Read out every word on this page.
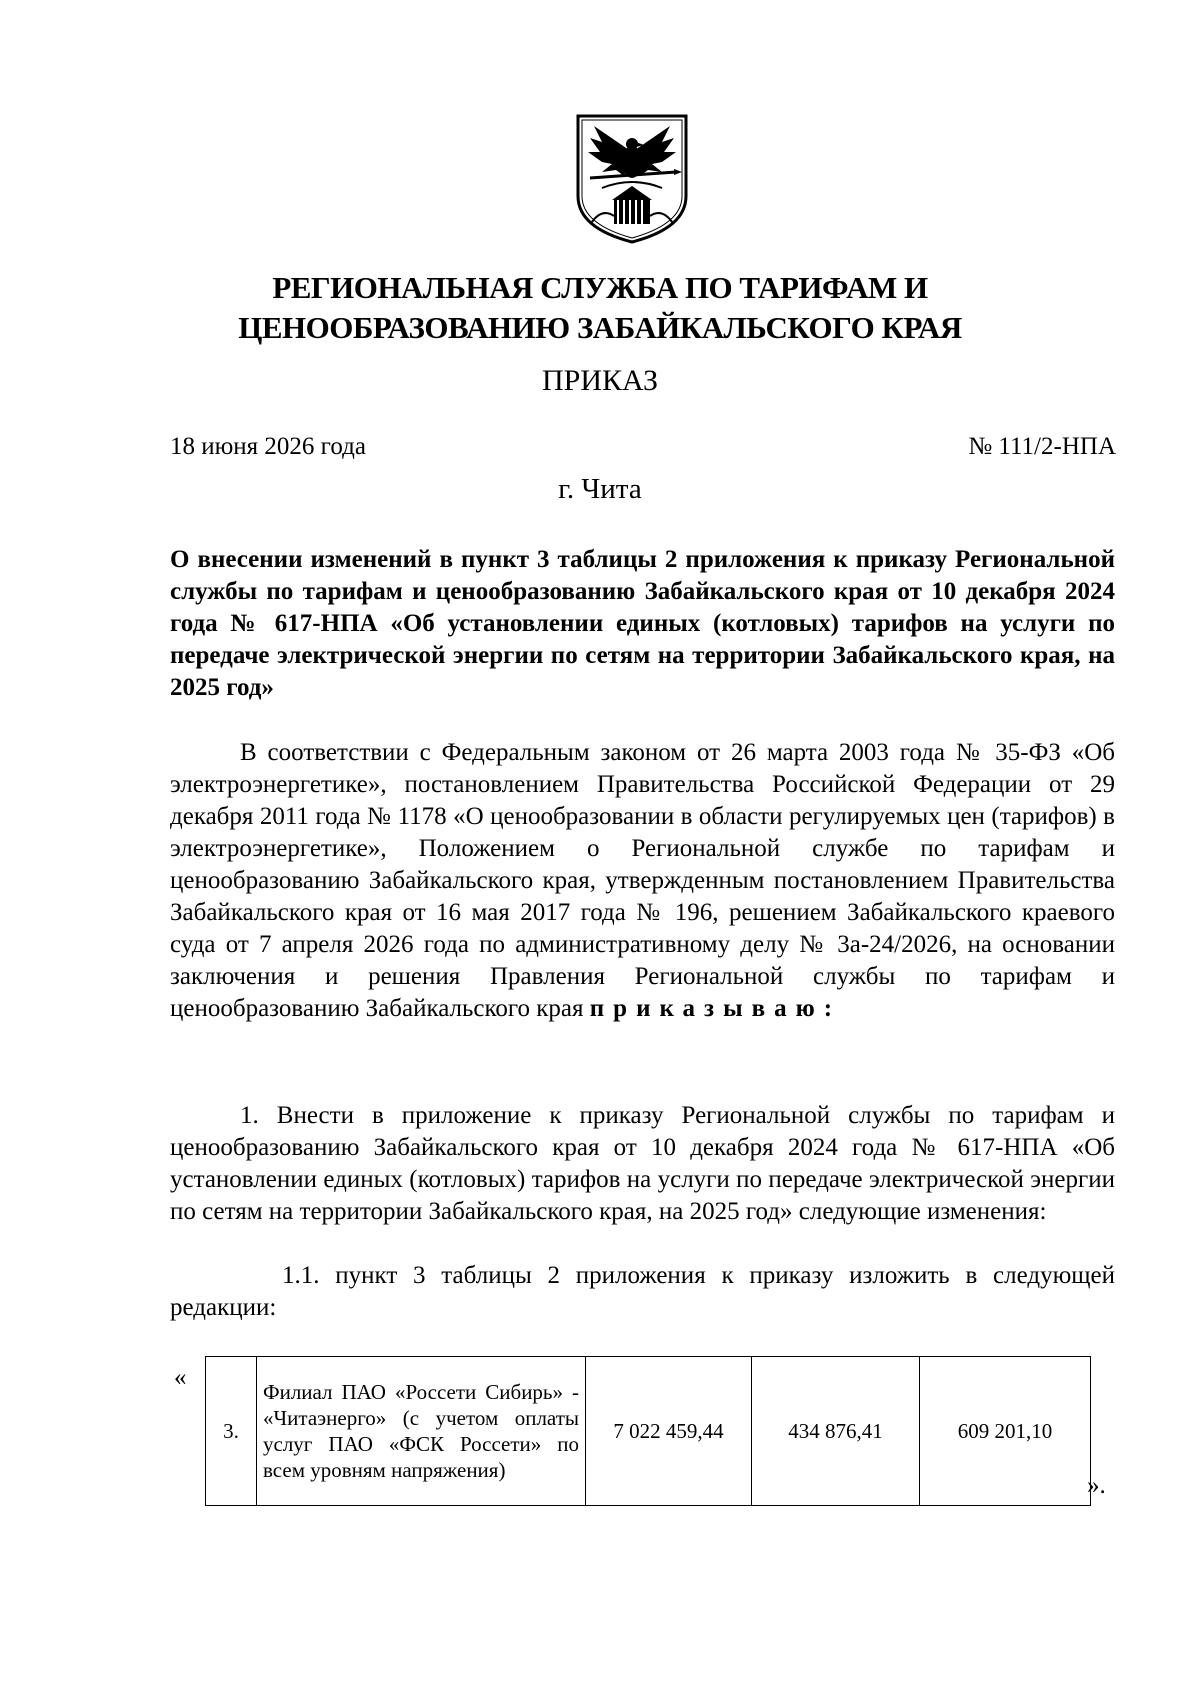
РЕГИОНАЛЬНАЯ СЛУЖБА ПО ТАРИФАМ И
ЦЕНООБРАЗОВАНИЮ ЗАБАЙКАЛЬСКОГО КРАЯ
ПРИКАЗ
18 июня 2026 года	№ 111/2-НПА
г. Чита
О внесении изменений в пункт 3 таблицы 2 приложения к приказу Региональной службы по тарифам и ценообразованию Забайкальского края от 10 декабря 2024 года № 617-НПА «Об установлении единых (котловых) тарифов на услуги по передаче электрической энергии по сетям на территории Забайкальского края, на 2025 год»
В соответствии с Федеральным законом от 26 марта 2003 года № 35-ФЗ «Об электроэнергетике», постановлением Правительства Российской Федерации от 29 декабря 2011 года № 1178 «О ценообразовании в области регулируемых цен (тарифов) в электроэнергетике», Положением о Региональной службе по тарифам и ценообразованию Забайкальского края, утвержденным постановлением Правительства Забайкальского края от 16 мая 2017 года № 196, решением Забайкальского краевого суда от 7 апреля 2026 года по административному делу № 3а-24/2026, на основании заключения и решения Правления Региональной службы по тарифам и ценообразованию Забайкальского края приказываю:
1. Внести в приложение к приказу Региональной службы по тарифам и ценообразованию Забайкальского края от 10 декабря 2024 года № 617-НПА «Об установлении единых (котловых) тарифов на услуги по передаче электрической энергии по сетям на территории Забайкальского края, на 2025 год» следующие изменения:
1.1. пункт 3 таблицы 2 приложения к приказу изложить в следующей редакции:
«
3.	Филиал ПАО «Россети Сибирь» - «Читаэнерго» (с учетом оплаты услуг ПАО «ФСК Россети» по всем уровням напряжения)	7 022 459,44	434 876,41	609 201,10
».
